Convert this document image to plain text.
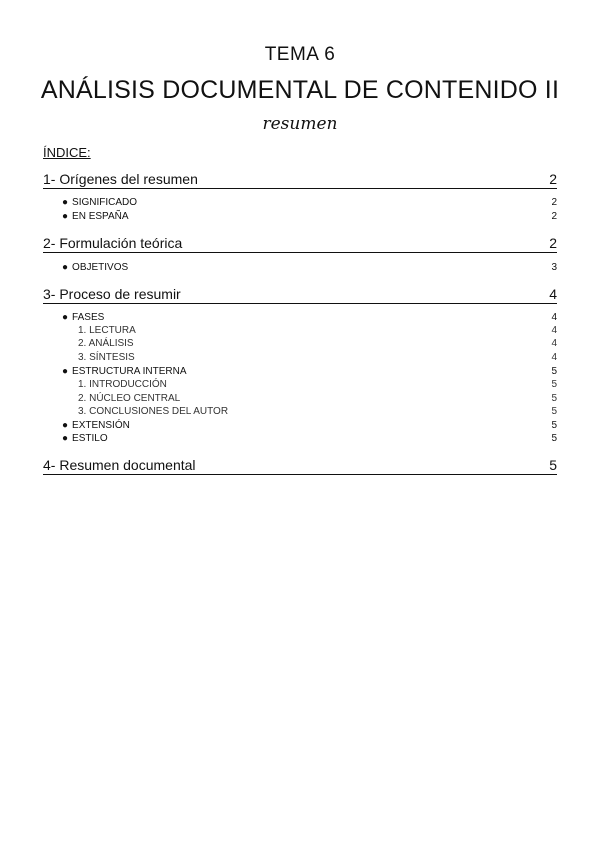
TEMA 6
ANÁLISIS DOCUMENTAL DE CONTENIDO II
resumen
ÍNDICE:
1- Orígenes del resumen	2
● SIGNIFICADO	2
● EN ESPAÑA	2
2- Formulación teórica	2
● OBJETIVOS	3
3- Proceso de resumir	4
● FASES	4
1. LECTURA	4
2. ANÁLISIS	4
3. SÍNTESIS	4
● ESTRUCTURA INTERNA	5
1. INTRODUCCIÓN	5
2. NÚCLEO CENTRAL	5
3. CONCLUSIONES DEL AUTOR	5
● EXTENSIÓN	5
● ESTILO	5
4- Resumen documental	5
